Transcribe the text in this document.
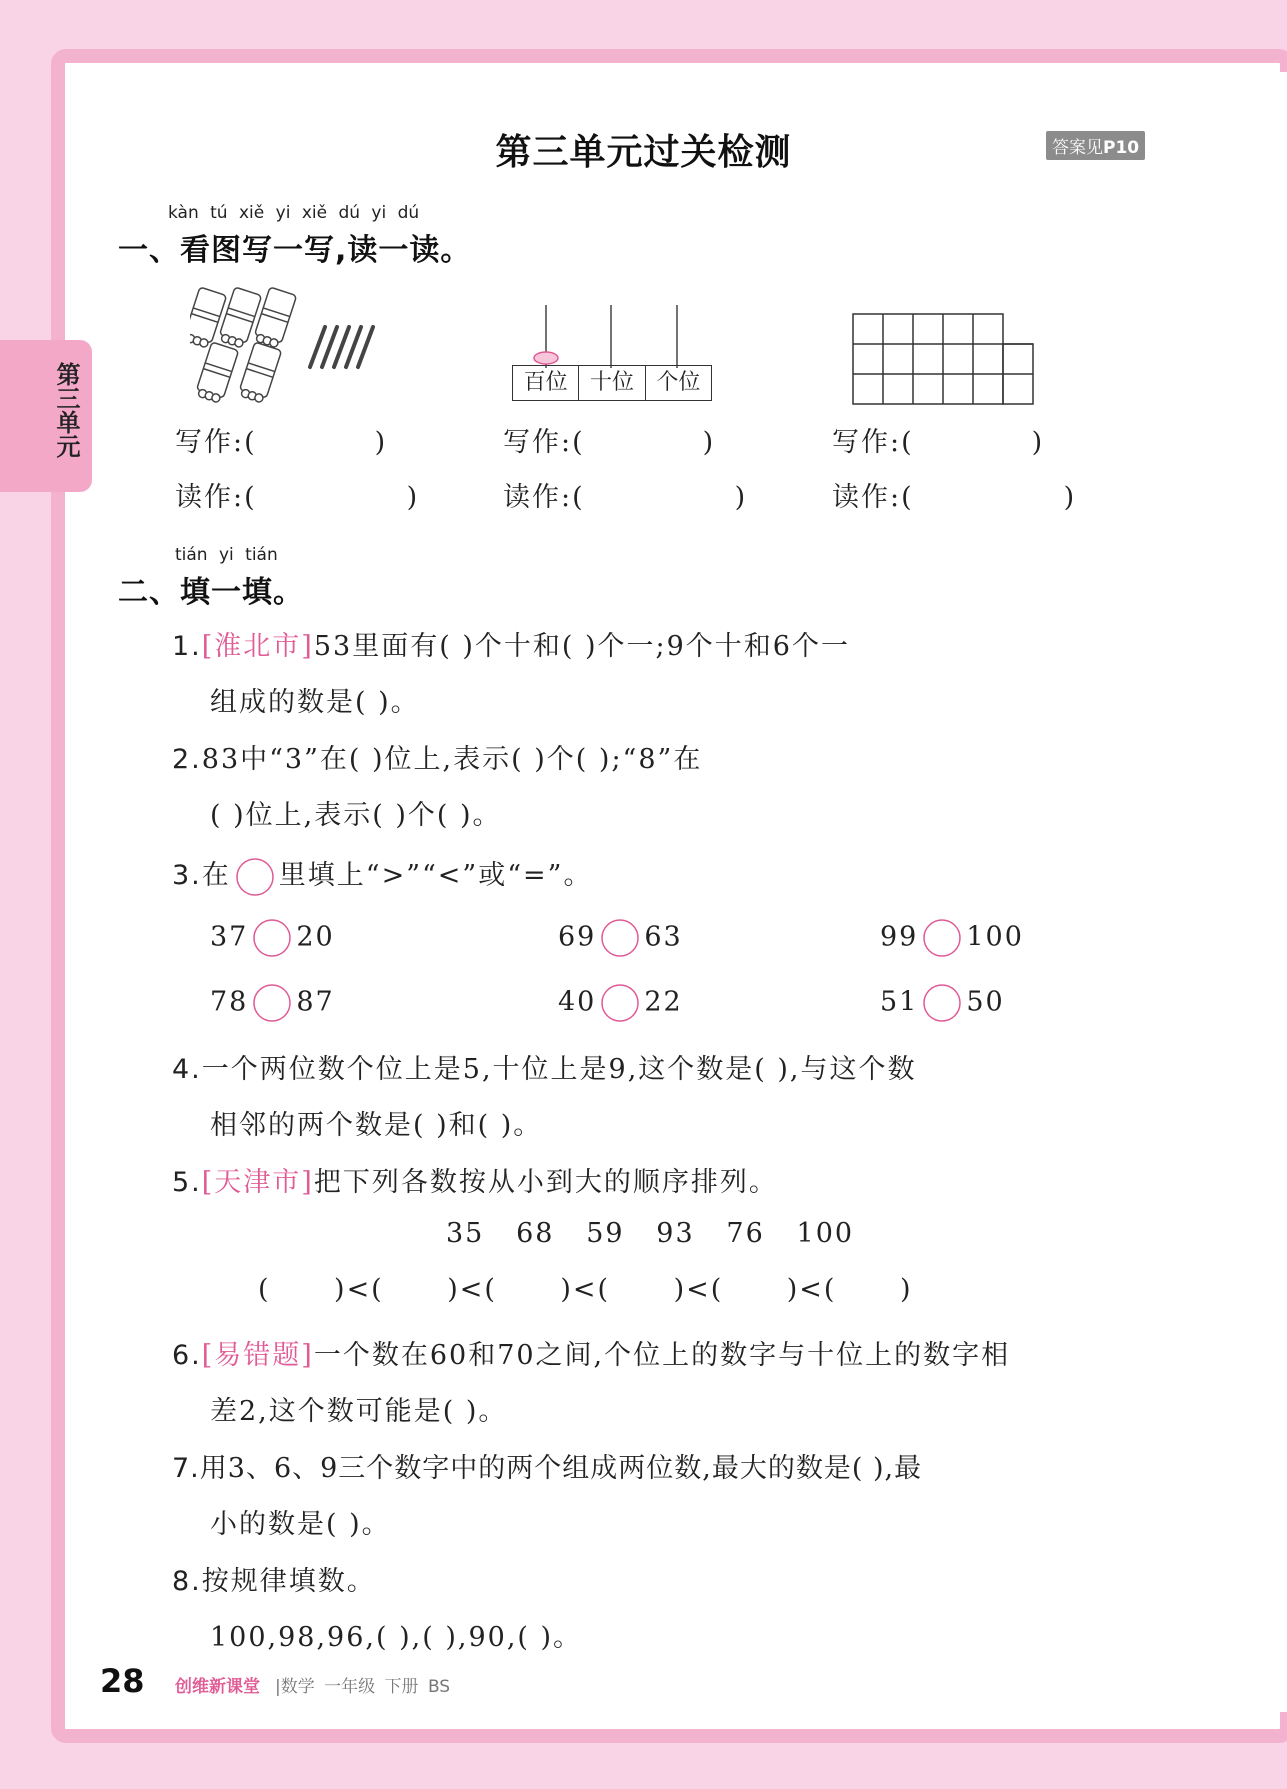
第三单元
第三单元过关检测	答案见P10
kàn tú xiě yi xiě dú yi dú
一、看图写一写,读一读。
百位	十位	个位
写作:(	)
读作:(	)
写作:(	)
读作:(	)
写作:(	)
读作:(	)
tián yi tián
二、填一填。
1.[淮北市]53里面有( )个十和( )个一;9个十和6个一
组成的数是( )。
2.83中“3”在( )位上,表示( )个( );“8”在
( )位上,表示( )个( )。
3.在 里填上“>”“<”或“=”。
37 20	69 63	99 100
78 87	40 22	51 50
4.一个两位数个位上是5,十位上是9,这个数是( ),与这个数
相邻的两个数是( )和( )。
5.[天津市]把下列各数按从小到大的顺序排列。
35   68   59   93   76   100
(      )<(      )<(      )<(      )<(      )<(      )
6.[易错题]一个数在60和70之间,个位上的数字与十位上的数字相
差2,这个数可能是( )。
7.用3、6、9三个数字中的两个组成两位数,最大的数是( ),最
小的数是( )。
8.按规律填数。
100,98,96,( ),( ),90,( )。
28 创维新课堂 |数学 一年级 下册 BS
